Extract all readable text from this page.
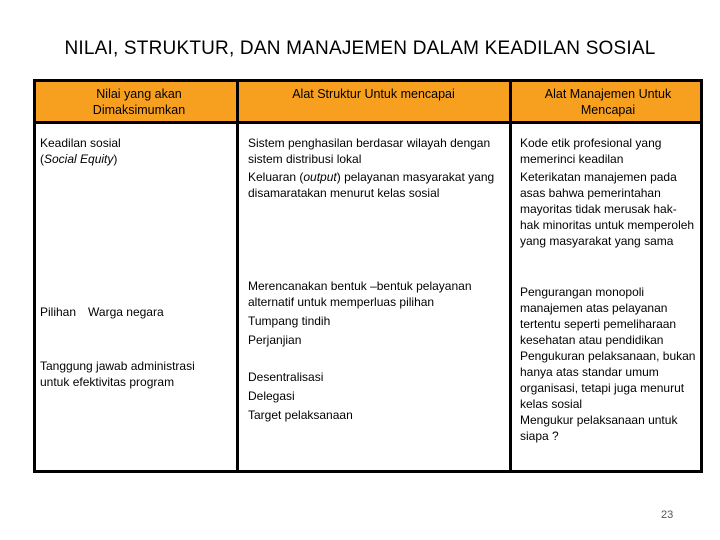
NILAI, STRUKTUR, DAN MANAJEMEN DALAM KEADILAN SOSIAL
Nilai yang akan Dimaksimumkan
Alat Struktur Untuk mencapai	Alat Manajemen Untuk Mencapai
Keadilan sosial
(Social Equity)
Pilihan Warga negara
Tanggung jawab administrasi untuk efektivitas program

Sistem penghasilan berdasar wilayah dengan sistem distribusi lokal

Keluaran (output) pelayanan masyarakat yang disamaratakan menurut kelas sosial

Merencanakan bentuk –bentuk pelayanan alternatif untuk memperluas pilihan

Tumpang tindih

Perjanjian

Desentralisasi

Delegasi

Target pelaksanaan

Kode etik profesional yang memerinci keadilan

Keterikatan manajemen pada asas bahwa pemerintahan mayoritas tidak merusak hak-hak minoritas untuk memperoleh yang masyarakat yang sama

Pengurangan monopoli manajemen atas pelayanan tertentu seperti pemeliharaan kesehatan atau pendidikan

Pengukuran pelaksanaan, bukan hanya atas standar umum organisasi, tetapi juga menurut kelas sosial

Mengukur pelaksanaan untuk siapa ?

23
